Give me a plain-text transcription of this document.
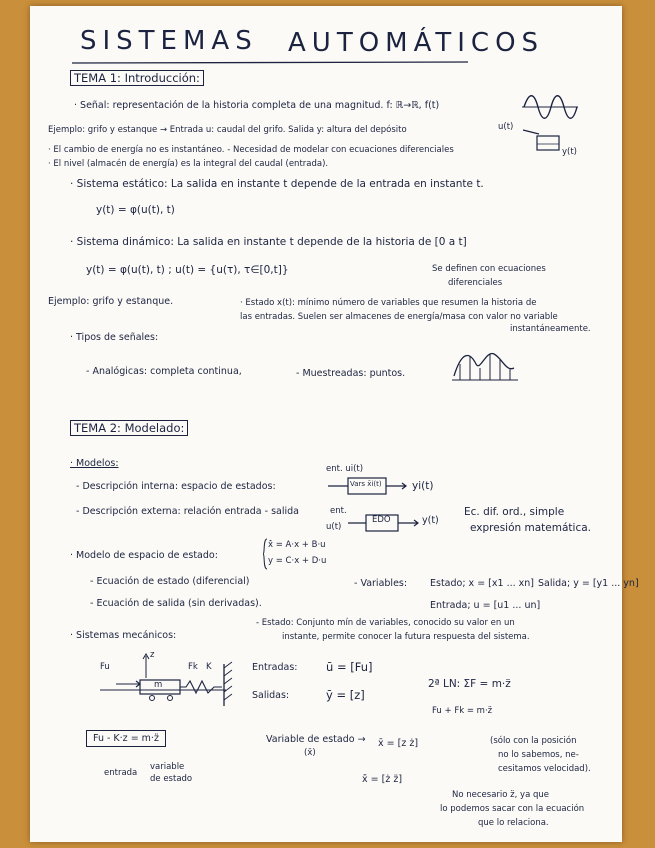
SISTEMAS AUTOMÁTICOS
TEMA 1: Introducción:
· Señal: representación de la historia completa de una magnitud. f: ℝ→ℝ, f(t)
Ejemplo: grifo y estanque → Entrada u: caudal del grifo. Salida y: altura del depósito	u(t)
y(t)
· El cambio de energía no es instantáneo. - Necesidad de modelar con ecuaciones diferenciales
· El nivel (almacén de energía) es la integral del caudal (entrada).
· Sistema estático: La salida en instante t depende de la entrada en instante t.
y(t) = φ(u(t), t)
· Sistema dinámico: La salida en instante t depende de la historia de [0 a t]
y(t) = φ(u(t), t) ; u(t) = {u(τ), τ∈[0,t]}	Se definen con ecuaciones
diferenciales
Ejemplo: grifo y estanque.	· Estado x(t): mínimo número de variables que resumen la historia de
las entradas. Suelen ser almacenes de energía/masa con valor no variable
instantáneamente.
· Tipos de señales:
- Analógicas: completa continua,	- Muestreadas: puntos.
TEMA 2: Modelado:
· Modelos:
- Descripción interna: espacio de estados:
ent. ui(t)
Vars x̄i(t)	yi(t)
- Descripción externa: relación entrada - salida	ent.
u(t)
EDO	y(t)
Ec. dif. ord., simple
expresión matemática.
· Modelo de espacio de estado:
x̄̇ = A·x + B·u
y = C·x + D·u
- Ecuación de estado (diferencial)
- Ecuación de salida (sin derivadas).
- Variables: Estado; x = [x1 ... xn] Salida; y = [y1 ... yn]
Entrada; u = [u1 ... un]
· Sistemas mecánicos:
- Estado: Conjunto mín de variables, conocido su valor en un
instante, permite conocer la futura respuesta del sistema.
Fu
z
m
Fk K	Entradas: ū = [Fu]
Salidas:	ȳ = [z]
2ª LN: ΣF = m·z̈
Fu + Fk = m·z̈
Fu - K·z = m·z̈
entrada
variable
de estado
Variable de estado →
(x̄)
x̄ = [z ż]
x̄̇ = [ż z̈]
(sólo con la posición
no lo sabemos, ne-
cesitamos velocidad).
No necesario z̈, ya que
lo podemos sacar con la ecuación
que lo relaciona.
